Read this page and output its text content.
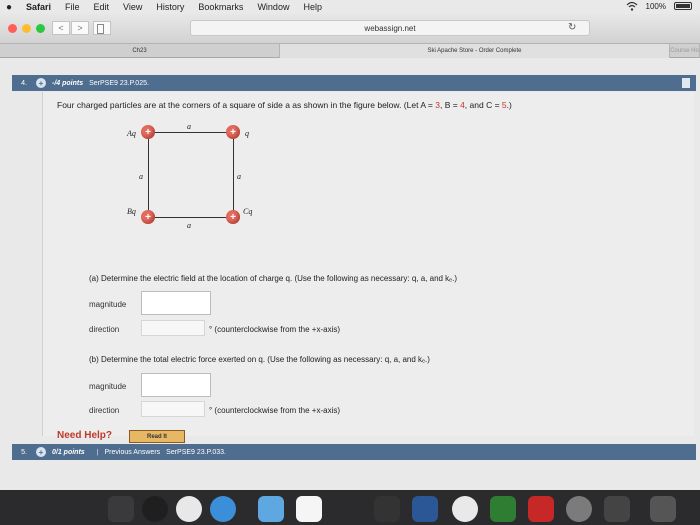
●	Safari File Edit View History Bookmarks Window Help	100%
<	>	webassign.net	↻
Ch23	Ski Apache Store - Order Complete	Course Ho
4.	+	-/4 points SerPSE9 23.P.025.
Four charged particles are at the corners of a square of side a as shown in the figure below. (Let A = 3, B = 4, and C = 5.)
+	+
+	+
a
a	a
a
Aq	q
Bq	Cq
(a) Determine the electric field at the location of charge q. (Use the following as necessary: q, a, and kₑ.)
magnitude
direction	° (counterclockwise from the +x-axis)
(b) Determine the total electric force exerted on q. (Use the following as necessary: q, a, and kₑ.)
magnitude
direction	° (counterclockwise from the +x-axis)
Need Help?	Read It
5.	+	0/1 points | Previous Answers SerPSE9 23.P.033.
